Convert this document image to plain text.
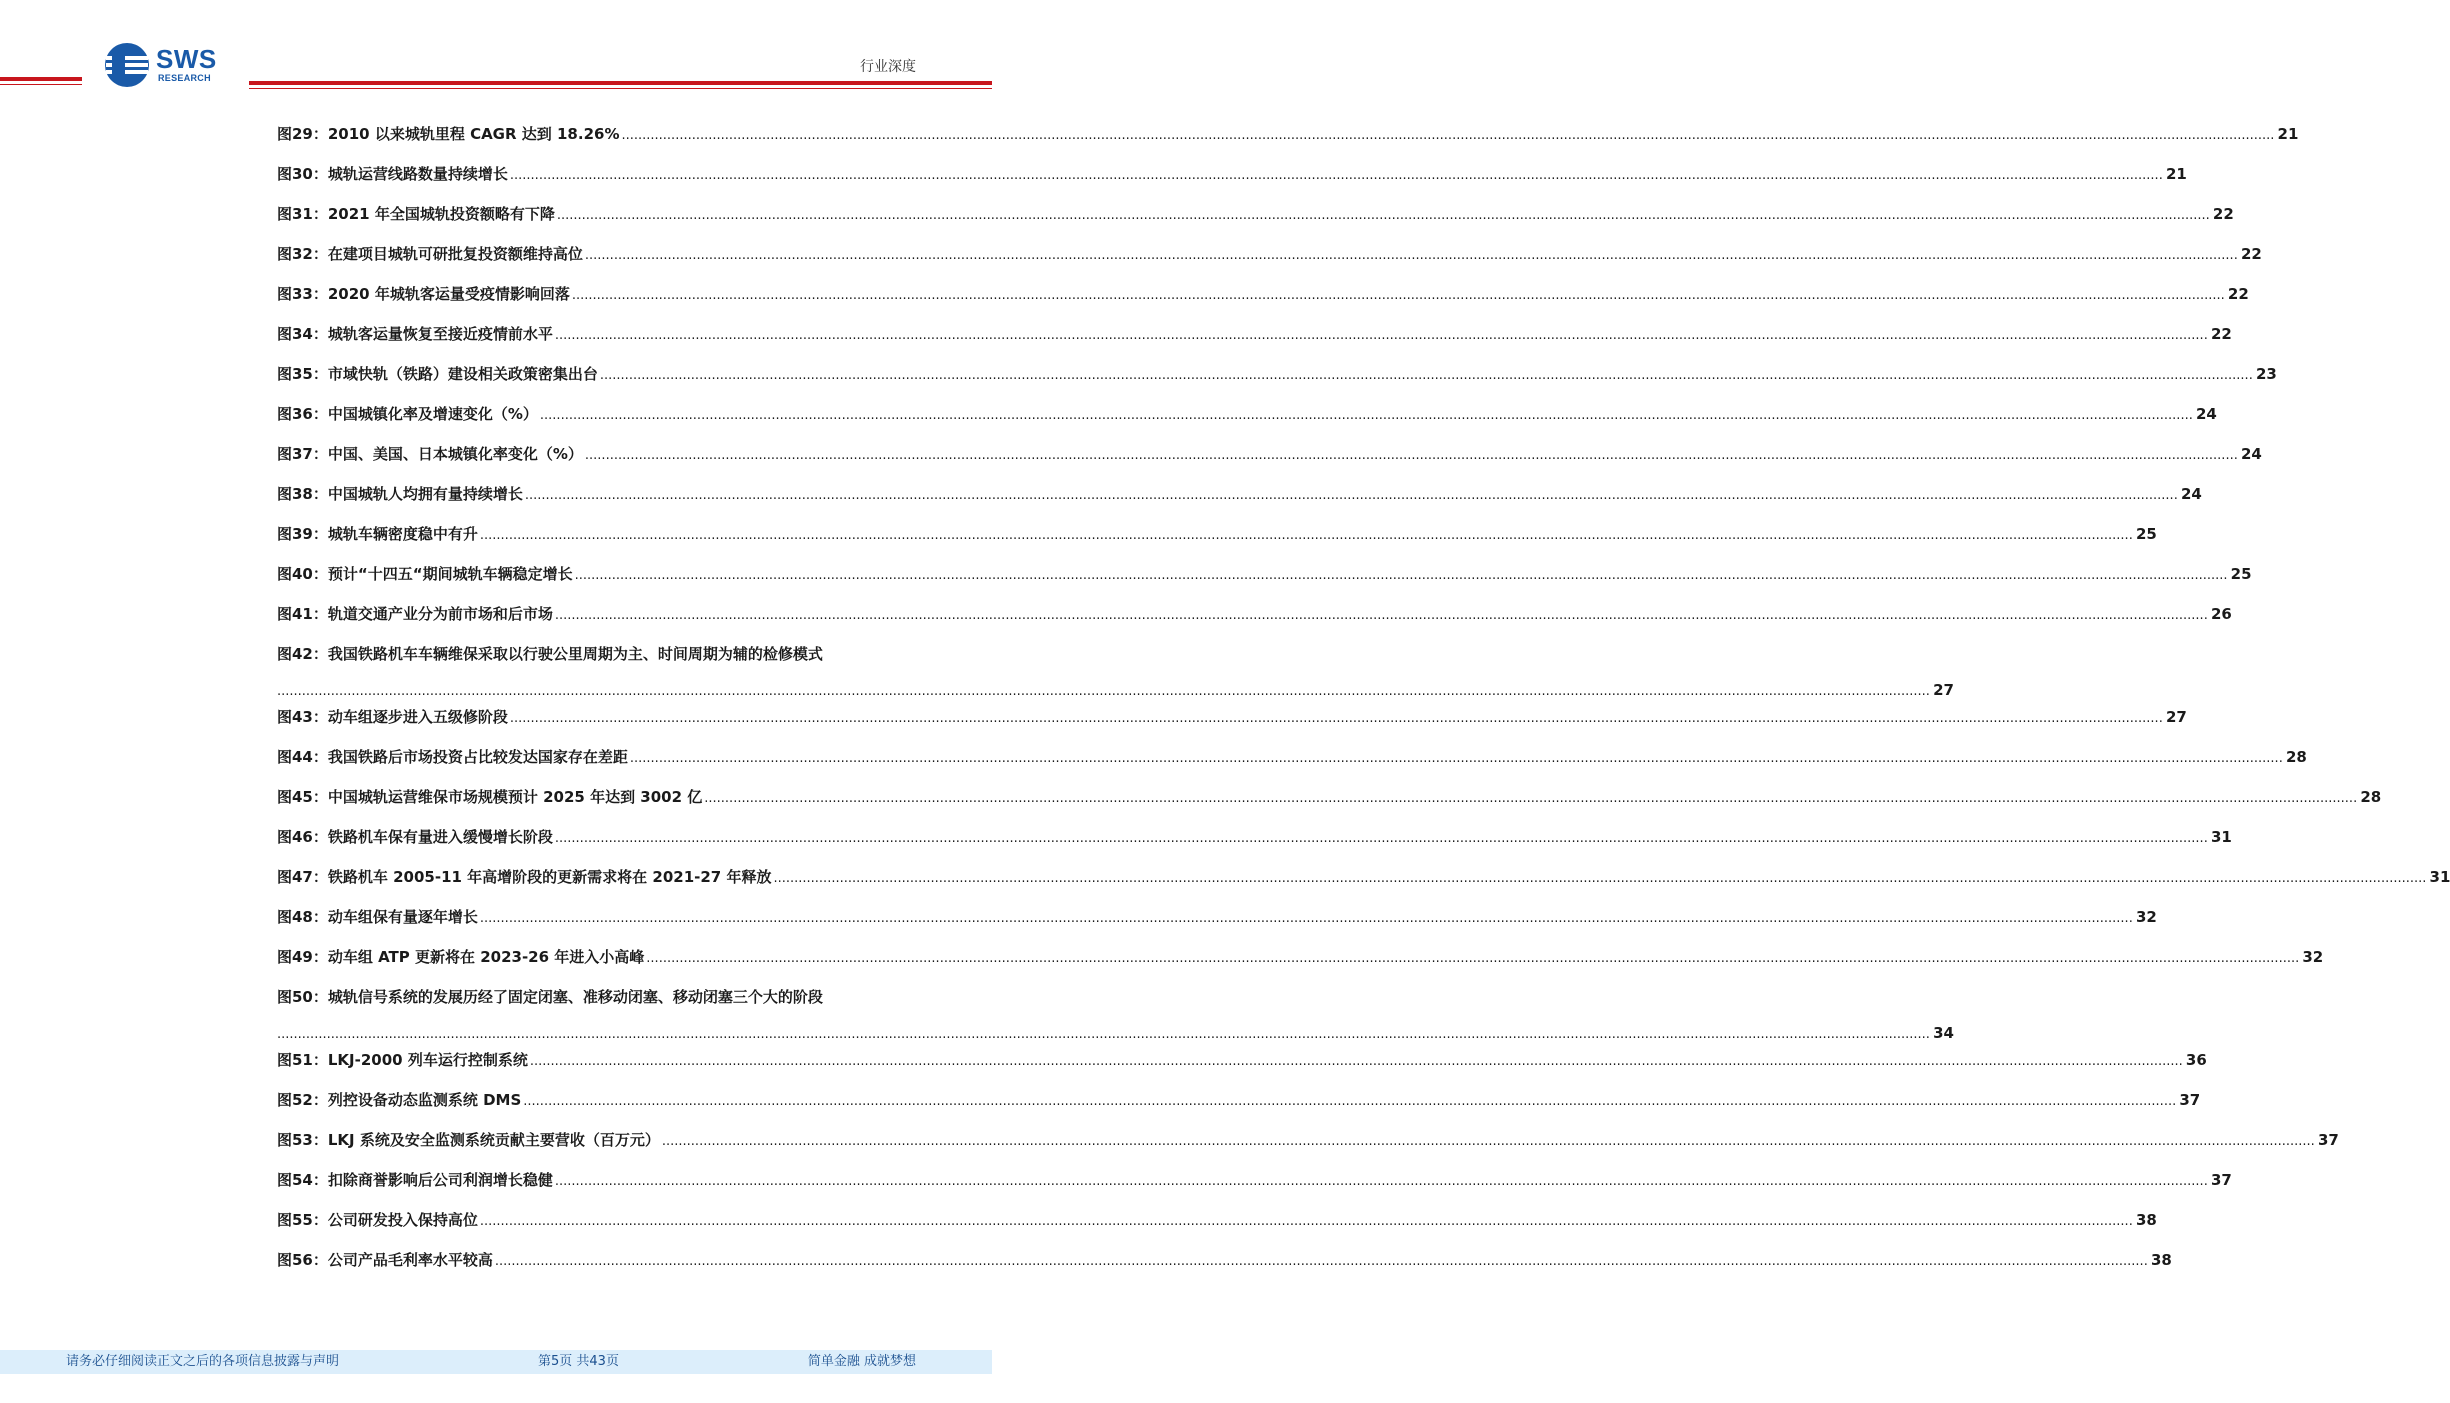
SWS
RESEARCH
行业深度
图29：2010 以来城轨里程 CAGR 达到 18.26% ................................................................................................................................................................................................................................................................................................................................................................................................................ 21
图30：城轨运营线路数量持续增长 ................................................................................................................................................................................................................................................................................................................................................................................................................ 21
图31：2021 年全国城轨投资额略有下降 ................................................................................................................................................................................................................................................................................................................................................................................................................ 22
图32：在建项目城轨可研批复投资额维持高位 ................................................................................................................................................................................................................................................................................................................................................................................................................ 22
图33：2020 年城轨客运量受疫情影响回落 ................................................................................................................................................................................................................................................................................................................................................................................................................ 22
图34：城轨客运量恢复至接近疫情前水平 ................................................................................................................................................................................................................................................................................................................................................................................................................ 22
图35：市域快轨（铁路）建设相关政策密集出台 ................................................................................................................................................................................................................................................................................................................................................................................................................ 23
图36：中国城镇化率及增速变化（%） ................................................................................................................................................................................................................................................................................................................................................................................................................ 24
图37：中国、美国、日本城镇化率变化（%） ................................................................................................................................................................................................................................................................................................................................................................................................................ 24
图38：中国城轨人均拥有量持续增长 ................................................................................................................................................................................................................................................................................................................................................................................................................ 24
图39：城轨车辆密度稳中有升 ................................................................................................................................................................................................................................................................................................................................................................................................................ 25
图40：预计“十四五“期间城轨车辆稳定增长 ................................................................................................................................................................................................................................................................................................................................................................................................................ 25
图41：轨道交通产业分为前市场和后市场 ................................................................................................................................................................................................................................................................................................................................................................................................................ 26
图42：我国铁路机车车辆维保采取以行驶公里周期为主、时间周期为辅的检修模式
................................................................................................................................................................................................................................................................................................................................................................................................................ 27
图43：动车组逐步进入五级修阶段 ................................................................................................................................................................................................................................................................................................................................................................................................................ 27
图44：我国铁路后市场投资占比较发达国家存在差距 ................................................................................................................................................................................................................................................................................................................................................................................................................ 28
图45：中国城轨运营维保市场规模预计 2025 年达到 3002 亿 ................................................................................................................................................................................................................................................................................................................................................................................................................ 28
图46：铁路机车保有量进入缓慢增长阶段 ................................................................................................................................................................................................................................................................................................................................................................................................................ 31
图47：铁路机车 2005-11 年高增阶段的更新需求将在 2021-27 年释放 ................................................................................................................................................................................................................................................................................................................................................................................................................ 31
图48：动车组保有量逐年增长 ................................................................................................................................................................................................................................................................................................................................................................................................................ 32
图49：动车组 ATP 更新将在 2023-26 年进入小高峰 ................................................................................................................................................................................................................................................................................................................................................................................................................ 32
图50：城轨信号系统的发展历经了固定闭塞、准移动闭塞、移动闭塞三个大的阶段
................................................................................................................................................................................................................................................................................................................................................................................................................ 34
图51：LKJ-2000 列车运行控制系统 ................................................................................................................................................................................................................................................................................................................................................................................................................ 36
图52：列控设备动态监测系统 DMS ................................................................................................................................................................................................................................................................................................................................................................................................................ 37
图53：LKJ 系统及安全监测系统贡献主要营收（百万元） ................................................................................................................................................................................................................................................................................................................................................................................................................ 37
图54：扣除商誉影响后公司利润增长稳健 ................................................................................................................................................................................................................................................................................................................................................................................................................ 37
图55：公司研发投入保持高位 ................................................................................................................................................................................................................................................................................................................................................................................................................ 38
图56：公司产品毛利率水平较高 ................................................................................................................................................................................................................................................................................................................................................................................................................ 38
请务必仔细阅读正文之后的各项信息披露与声明	第5页 共43页	简单金融 成就梦想
